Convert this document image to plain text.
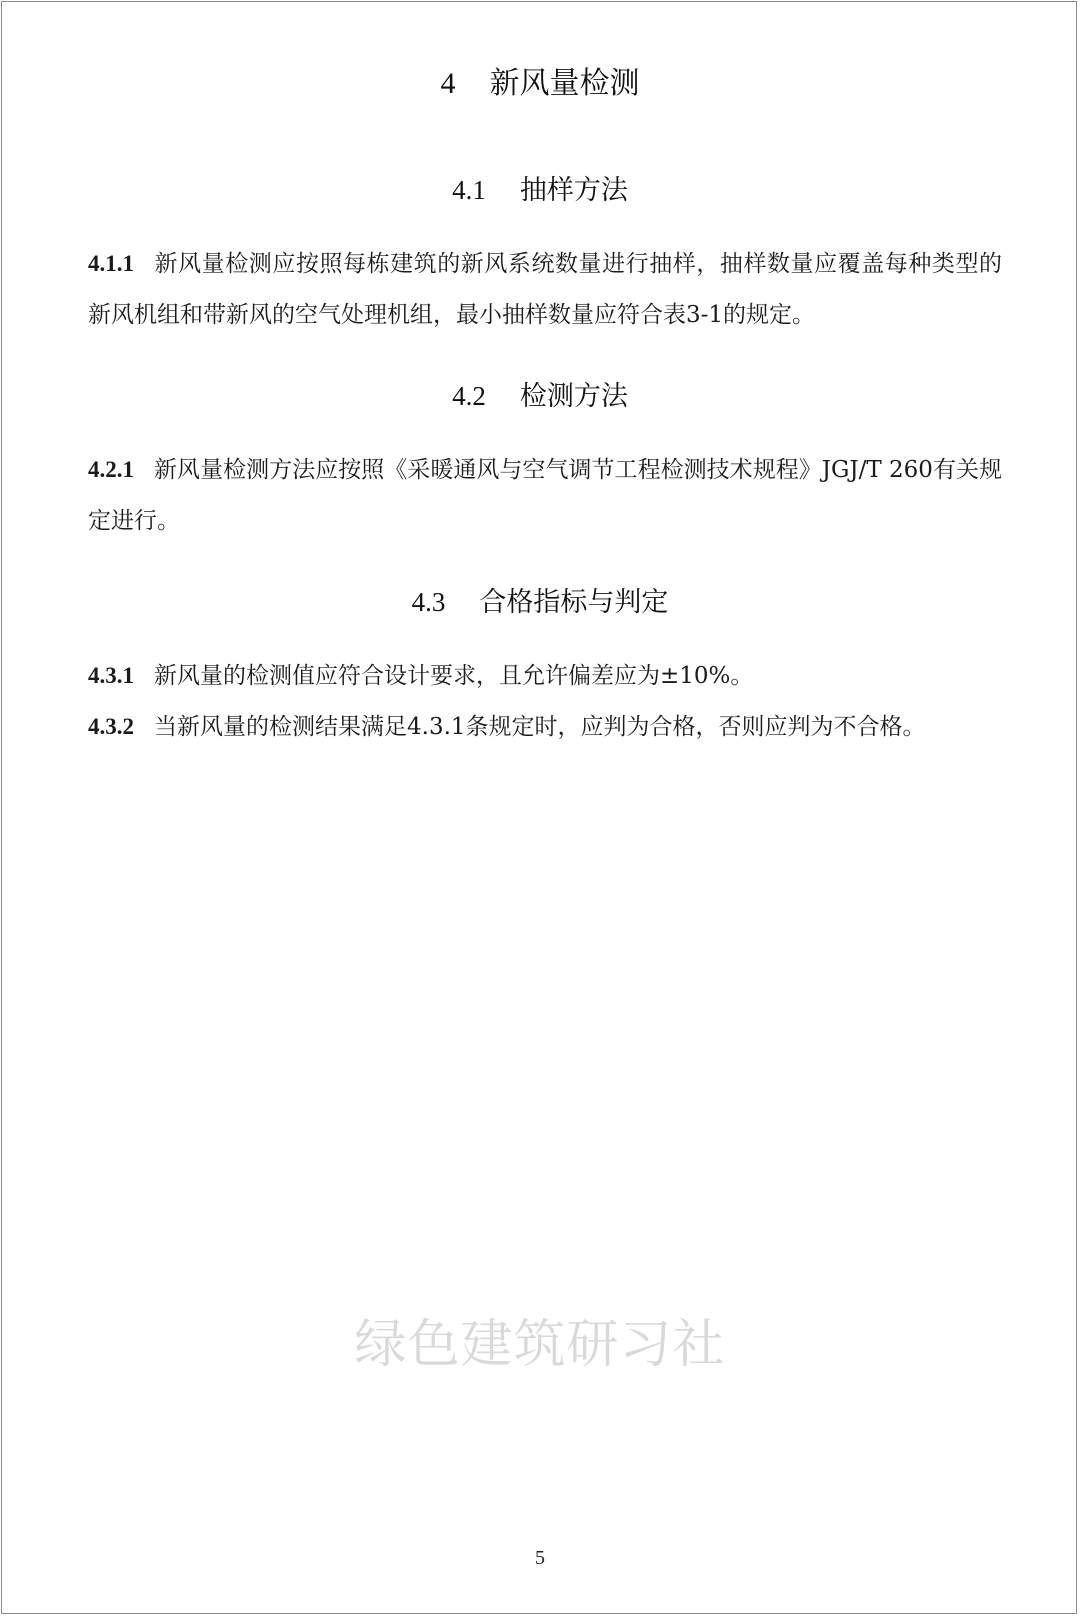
4 新风量检测
4.1 抽样方法
4.1.1 新风量检测应按照每栋建筑的新风系统数量进行抽样，抽样数量应覆盖每种类型的新风机组和带新风的空气处理机组，最小抽样数量应符合表3-1的规定。
4.2 检测方法
4.2.1 新风量检测方法应按照《采暖通风与空气调节工程检测技术规程》JGJ/T 260有关规定进行。
4.3 合格指标与判定
4.3.1 新风量的检测值应符合设计要求，且允许偏差应为±10%。
4.3.2 当新风量的检测结果满足4.3.1条规定时，应判为合格，否则应判为不合格。
绿色建筑研习社
5
